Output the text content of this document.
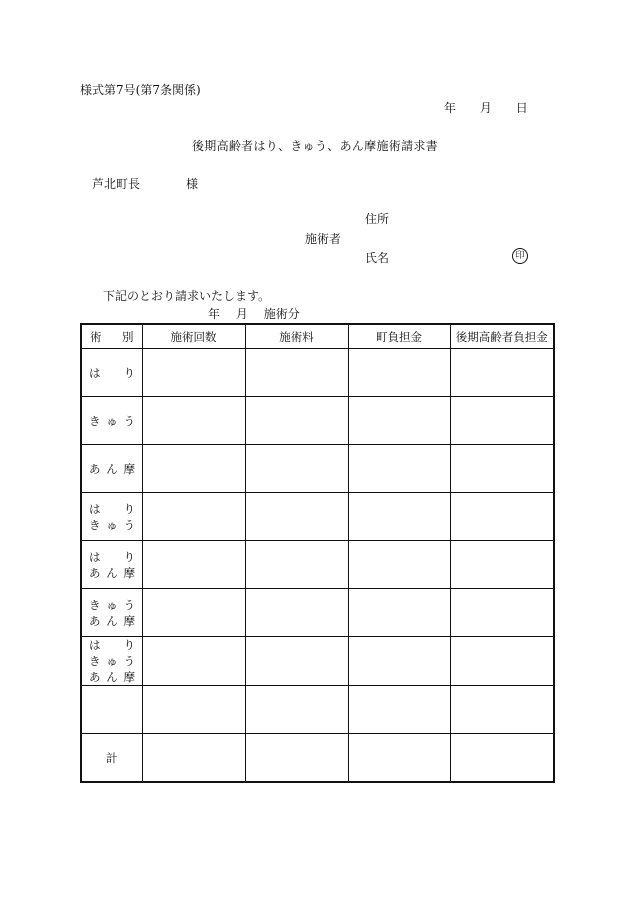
様式第7号(第7条関係)
年 月 日
後期高齢者はり、きゅう、あん摩施術請求書
芦北町長	様
住所
施術者
氏名	印
下記のとおり請求いたします。
年 月 施術分
術 別	施術回数	施術料	町負担金	後期高齢者負担金

は　り				

きゅう				

あん摩				

は　り
きゅう				

は　り
あん摩				

きゅう
あん摩				

は　り
きゅう
あん摩				

計				
